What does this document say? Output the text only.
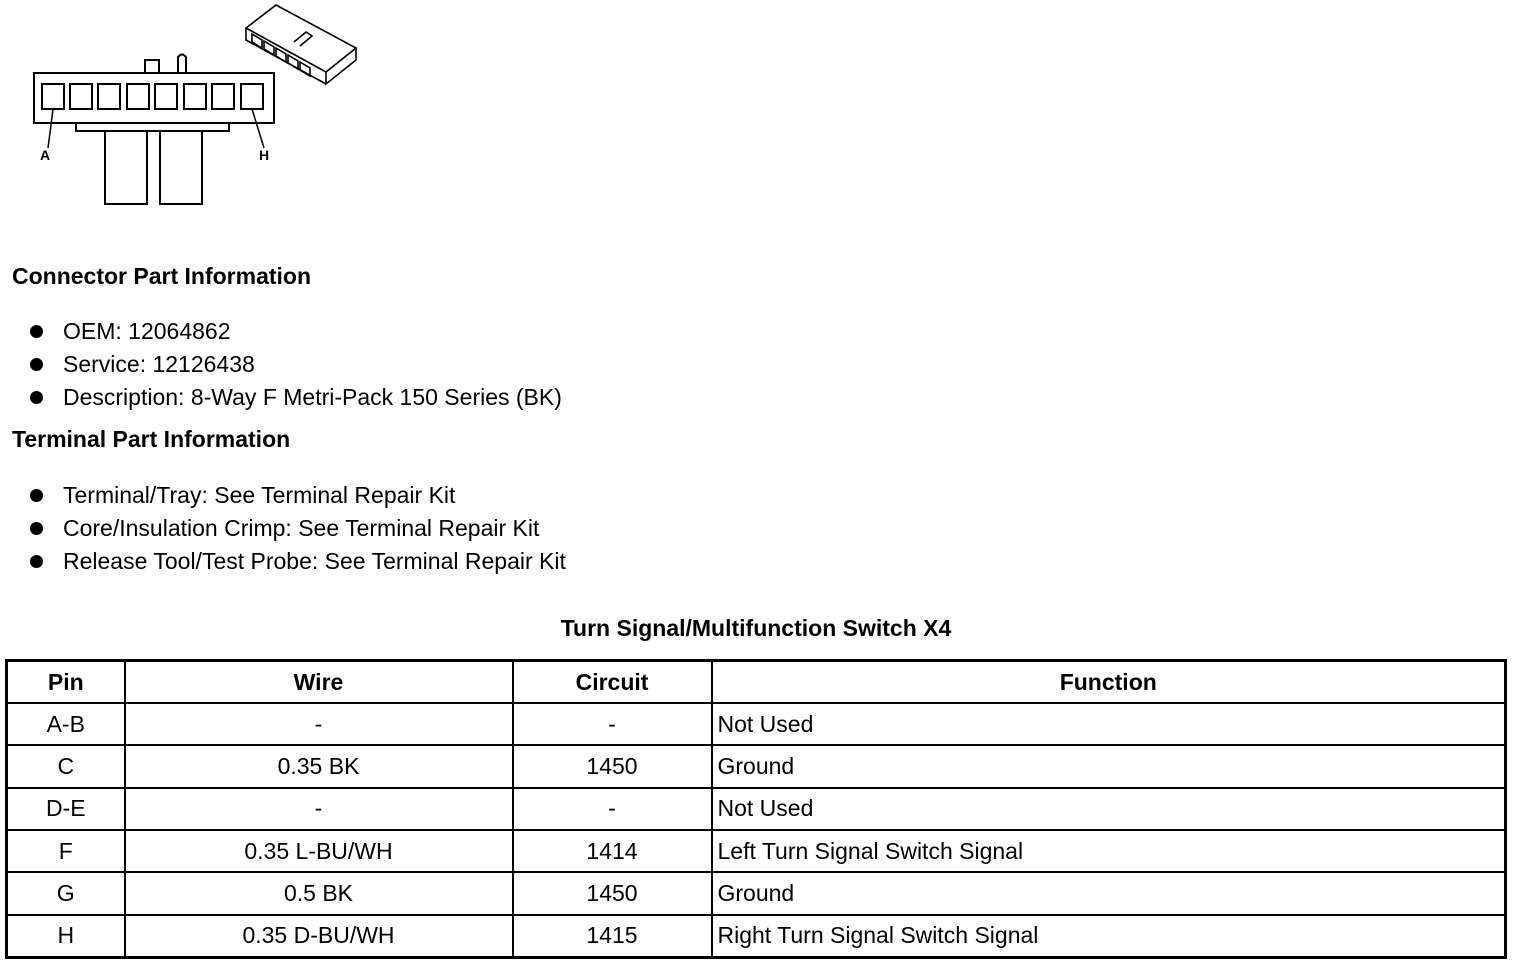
A	H
Connector Part Information
OEM: 12064862
Service: 12126438
Description: 8-Way F Metri-Pack 150 Series (BK)
Terminal Part Information
Terminal/Tray: See Terminal Repair Kit
Core/Insulation Crimp: See Terminal Repair Kit
Release Tool/Test Probe: See Terminal Repair Kit
Turn Signal/Multifunction Switch X4
Pin	Wire	Circuit	Function
A-B	-	-	Not Used
C	0.35 BK	1450	Ground
D-E	-	-	Not Used
F	0.35 L-BU/WH	1414	Left Turn Signal Switch Signal
G	0.5 BK	1450	Ground
H	0.35 D-BU/WH	1415	Right Turn Signal Switch Signal
